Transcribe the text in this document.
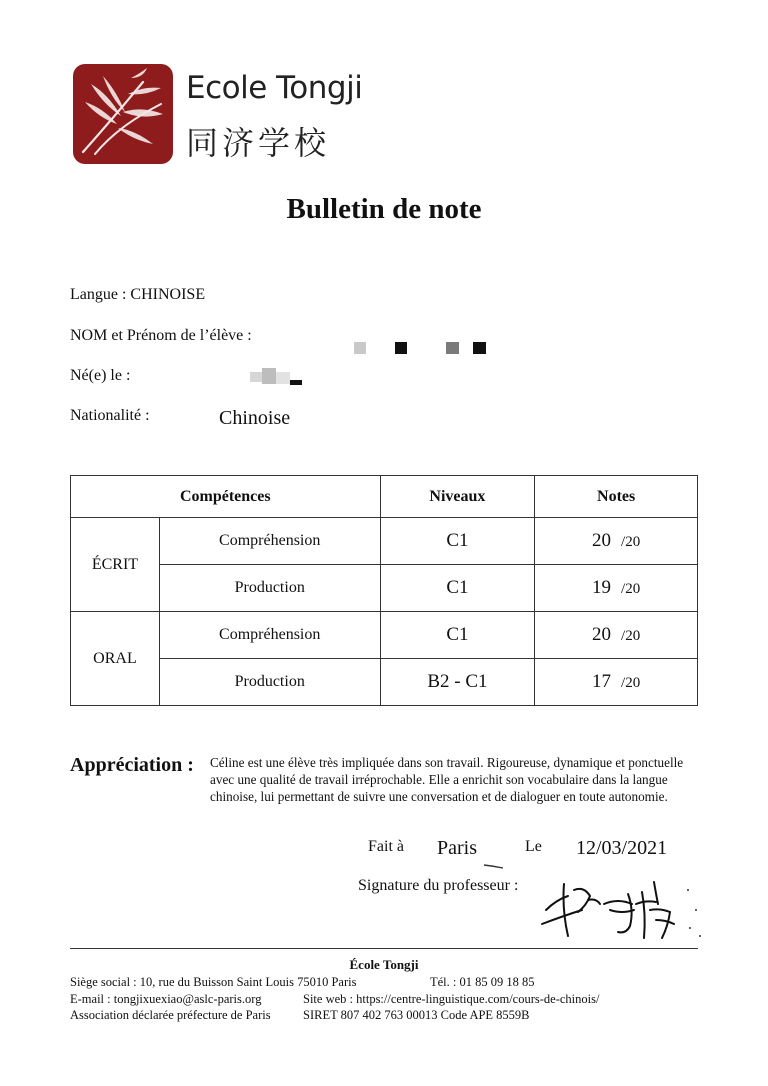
Ecole Tongji
同济学校
Bulletin de note
Langue : CHINOISE
NOM et Prénom de l’élève :
Né(e) le :
Nationalité :	Chinoise
Compétences		Niveaux	Notes
ÉCRIT	Compréhension	C1	20 /20
	Production	C1	19 /20
ORAL	Compréhension	C1	20 /20
	Production	B2 - C1	17 /20
Appréciation : Céline est une élève très impliquée dans son travail. Rigoureuse, dynamique et ponctuelle
avec une qualité de travail irréprochable. Elle a enrichit son vocabulaire dans la langue
chinoise, lui permettant de suivre une conversation et de dialoguer en toute autonomie.
Fait à Paris	Le 12/03/2021
Signature du professeur :
École Tongji
Siège social : 10, rue du Buisson Saint Louis 75010 Paris	Tél. : 01 85 09 18 85
E-mail : tongjixuexiao@aslc-paris.org	Site web : https://centre-linguistique.com/cours-de-chinois/
Association déclarée préfecture de Paris	SIRET 807 402 763 00013 Code APE 8559B
